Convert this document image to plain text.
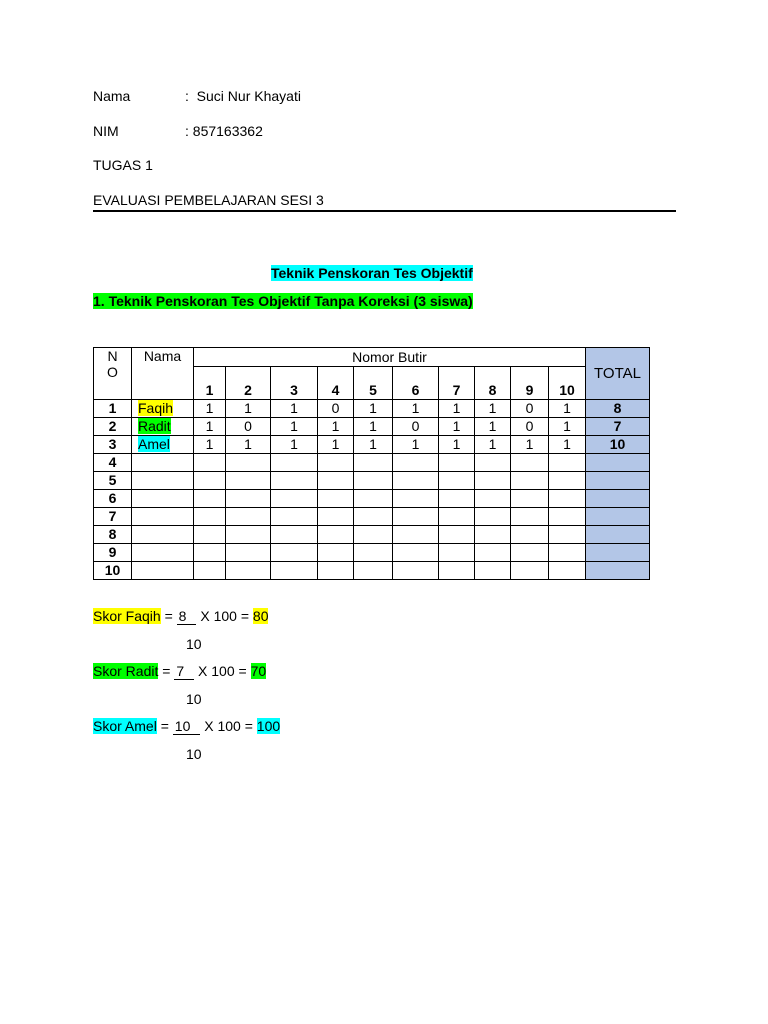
Nama	: Suci Nur Khayati
NIM	: 857163362
TUGAS 1
EVALUASI PEMBELAJARAN SESI 3
Teknik Penskoran Tes Objektif
1. Teknik Penskoran Tes Objektif Tanpa Koreksi (3 siswa)
N
O	Nama	Nomor Butir										TOTAL
		1	2	3	4	5	6	7	8	9	10	
1	Faqih	1	1	1	0	1	1	1	1	0	1	8
2	Radit	1	0	1	1	1	0	1	1	0	1	7
3	Amel	1	1	1	1	1	1	1	1	1	1	10
4												
5												
6												
7												
8												
9												
10												
Skor Faqih = 8 X 100 = 80
10
Skor Radit = 7 X 100 = 70
10
Skor Amel = 10 X 100 = 100
10
